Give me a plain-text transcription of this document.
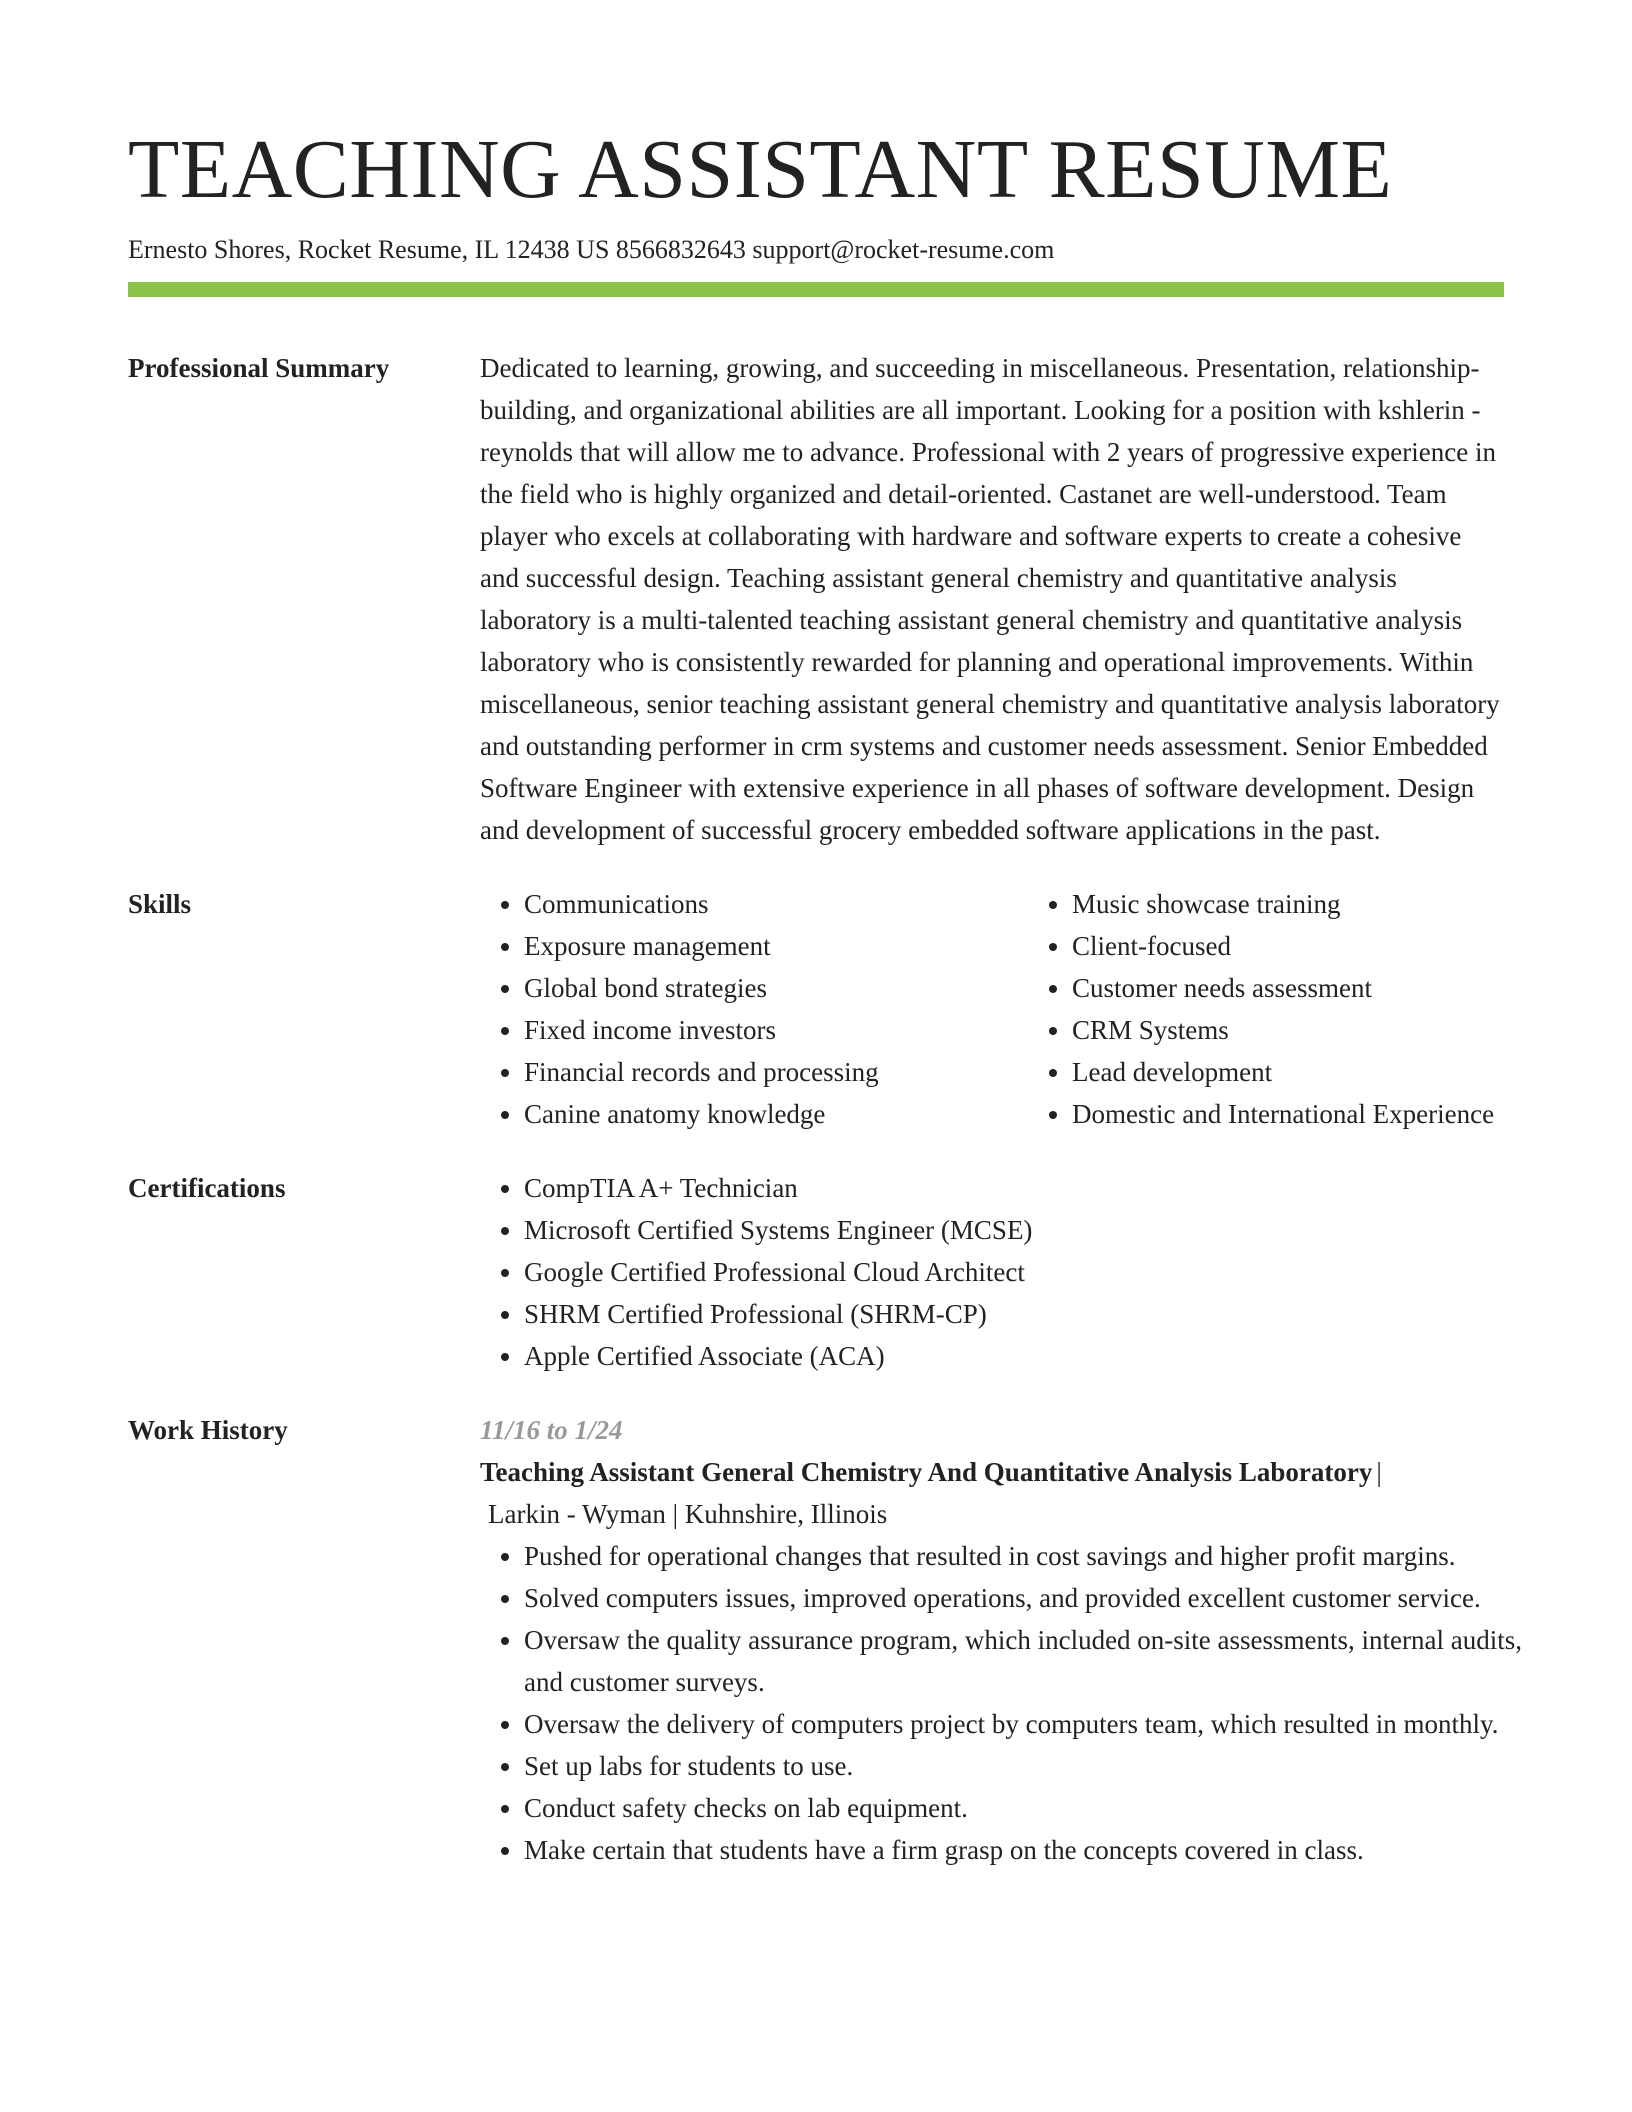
TEACHING ASSISTANT RESUME
Ernesto Shores, Rocket Resume, IL 12438 US 8566832643 support@rocket-resume.com
Professional Summary	Dedicated to learning, growing, and succeeding in miscellaneous. Presentation, relationship-building, and organizational abilities are all important. Looking for a position with kshlerin - reynolds that will allow me to advance. Professional with 2 years of progressive experience in the field who is highly organized and detail-oriented. Castanet are well-understood. Team player who excels at collaborating with hardware and software experts to create a cohesive and successful design. Teaching assistant general chemistry and quantitative analysis laboratory is a multi-talented teaching assistant general chemistry and quantitative analysis laboratory who is consistently rewarded for planning and operational improvements. Within miscellaneous, senior teaching assistant general chemistry and quantitative analysis laboratory and outstanding performer in crm systems and customer needs assessment. Senior Embedded Software Engineer with extensive experience in all phases of software development. Design and development of successful grocery embedded software applications in the past.

Skills	• Communications
• Exposure management
• Global bond strategies
• Fixed income investors
• Financial records and processing
• Canine anatomy knowledge
• Music showcase training
• Client-focused
• Customer needs assessment
• CRM Systems
• Lead development
• Domestic and International Experience
Certifications	• CompTIA A+ Technician
• Microsoft Certified Systems Engineer (MCSE)
• Google Certified Professional Cloud Architect
• SHRM Certified Professional (SHRM-CP)
• Apple Certified Associate (ACA)
Work History	11/16 to 1/24
Teaching Assistant General Chemistry And Quantitative Analysis Laboratory |
Larkin - Wyman | Kuhnshire, Illinois
• Pushed for operational changes that resulted in cost savings and higher profit margins.
• Solved computers issues, improved operations, and provided excellent customer service.
• Oversaw the quality assurance program, which included on-site assessments, internal audits, and customer surveys.
• Oversaw the delivery of computers project by computers team, which resulted in monthly.
• Set up labs for students to use.
• Conduct safety checks on lab equipment.
• Make certain that students have a firm grasp on the concepts covered in class.
